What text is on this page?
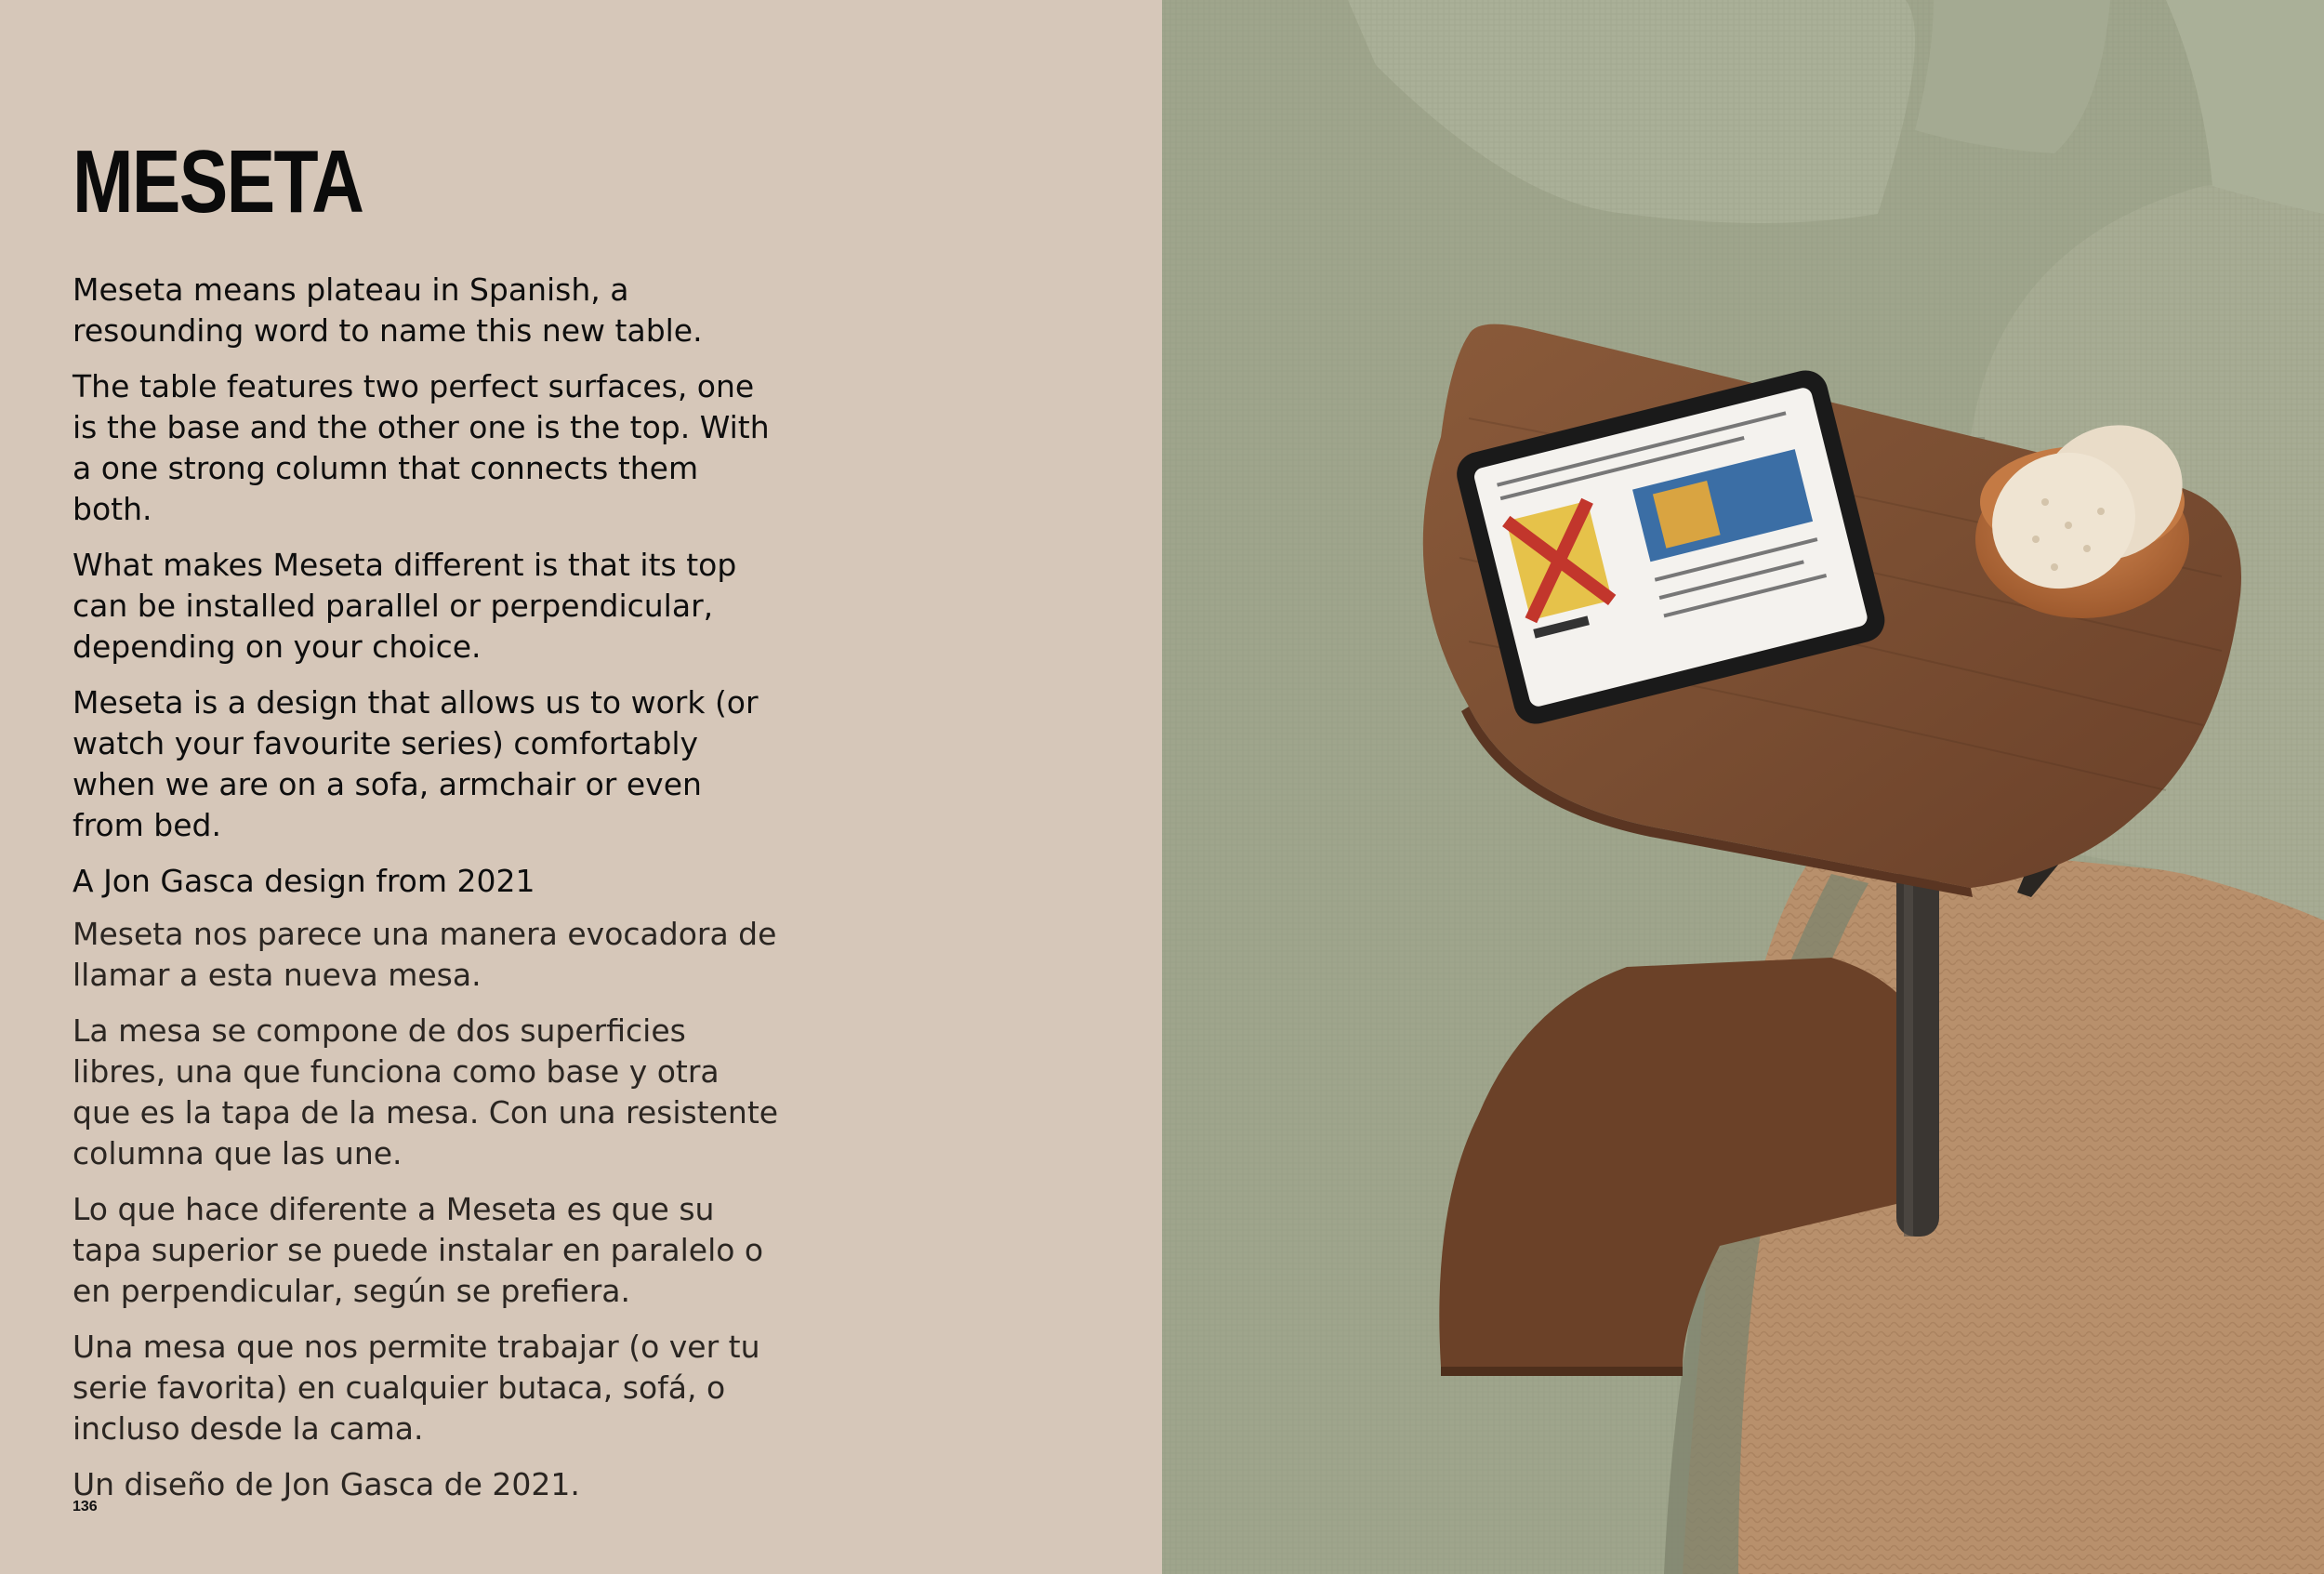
MESETA

Meseta means plateau in Spanish, a resounding word to name this new table.

The table features two perfect surfaces, one is the base and the other one is the top. With a one strong column that connects them both.

What makes Meseta different is that its top can be installed parallel or perpendicular, depending on your choice.

Meseta is a design that allows us to work (or watch your favourite series) comfortably when we are on a sofa, armchair or even from bed.

A Jon Gasca design from 2021

Meseta nos parece una manera evocadora de llamar a esta nueva mesa.

La mesa se compone de dos superficies libres, una que funciona como base y otra que es la tapa de la mesa. Con una resistente columna que las une.

Lo que hace diferente a Meseta es que su tapa superior se puede instalar en paralelo o en perpendicular, según se prefiera.

Una mesa que nos permite trabajar (o ver tu serie favorita) en cualquier butaca, sofá, o incluso desde la cama.

Un diseño de Jon Gasca de 2021.

136
